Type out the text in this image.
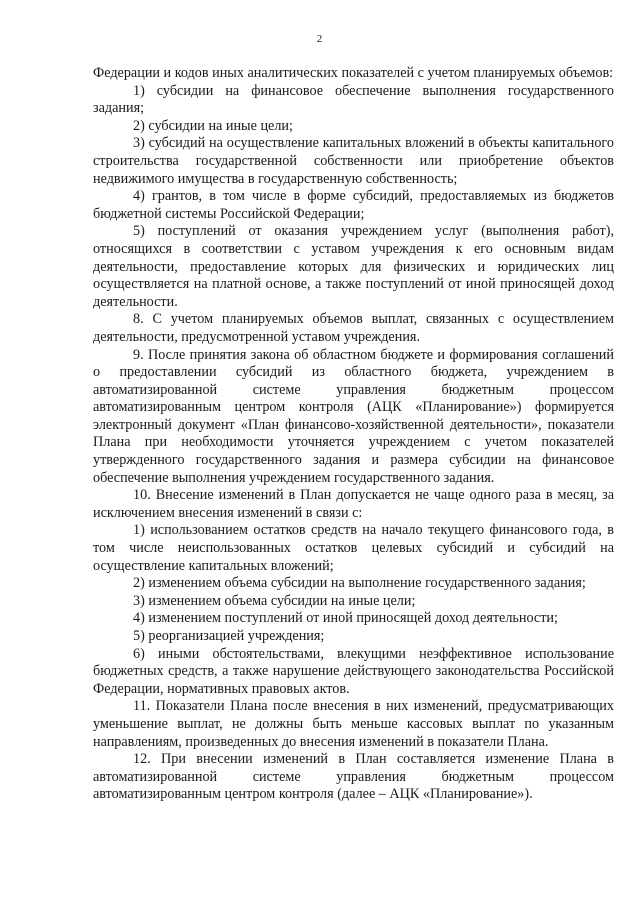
2

Федерации и кодов иных аналитических показателей с учетом планируемых объемов:

1) субсидии на финансовое обеспечение выполнения государственного задания;

2) субсидии на иные цели;

3) субсидий на осуществление капитальных вложений в объекты капитального строительства государственной собственности или приобретение объектов недвижимого имущества в государственную собственность;

4) грантов, в том числе в форме субсидий, предоставляемых из бюджетов бюджетной системы Российской Федерации;

5) поступлений от оказания учреждением услуг (выполнения работ), относящихся в соответствии с уставом учреждения к его основным видам деятельности, предоставление которых для физических и юридических лиц осуществляется на платной основе, а также поступлений от иной приносящей доход деятельности.

8. С учетом планируемых объемов выплат, связанных с осуществлением деятельности, предусмотренной уставом учреждения.

9. После принятия закона об областном бюджете и формирования соглашений о предоставлении субсидий из областного бюджета, учреждением в автоматизированной системе управления бюджетным процессом автоматизированным центром контроля (АЦК «Планирование») формируется электронный документ «План финансово-хозяйственной деятельности», показатели Плана при необходимости уточняется учреждением с учетом показателей утвержденного государственного задания и размера субсидии на финансовое обеспечение выполнения учреждением государственного задания.

10. Внесение изменений в План допускается не чаще одного раза в месяц, за исключением внесения изменений в связи с:

1) использованием остатков средств на начало текущего финансового года, в том числе неиспользованных остатков целевых субсидий и субсидий на осуществление капитальных вложений;

2) изменением объема субсидии на выполнение государственного задания;

3) изменением объема субсидии на иные цели;

4) изменением поступлений от иной приносящей доход деятельности;

5) реорганизацией учреждения;

6) иными обстоятельствами, влекущими неэффективное использование бюджетных средств, а также нарушение действующего законодательства Российской Федерации, нормативных правовых актов.

11. Показатели Плана после внесения в них изменений, предусматривающих уменьшение выплат, не должны быть меньше кассовых выплат по указанным направлениям, произведенных до внесения изменений в показатели Плана.

12. При внесении изменений в План составляется изменение Плана в автоматизированной системе управления бюджетным процессом автоматизированным центром контроля (далее – АЦК «Планирование»).
